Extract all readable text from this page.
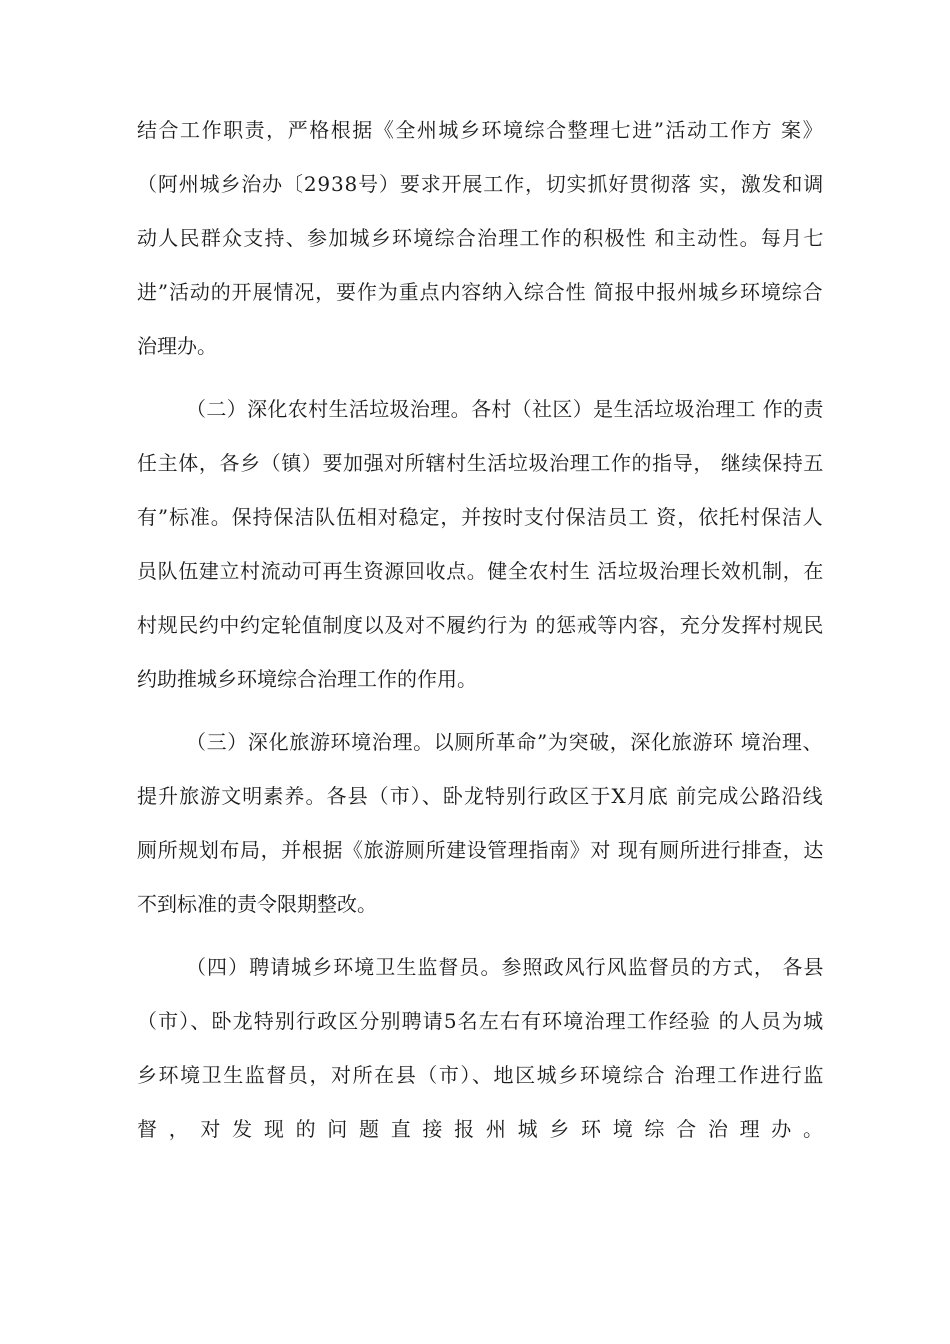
结合工作职责，严格根据《全州城乡环境综合整理七进”活动工作方 案》
（阿州城乡治办〔2938号）要求开展工作，切实抓好贯彻落 实，激发和调
动人民群众支持、参加城乡环境综合治理工作的积极性 和主动性。每月七
进”活动的开展情况，要作为重点内容纳入综合性 简报中报州城乡环境综合
治理办。
（二）深化农村生活垃圾治理。各村（社区）是生活垃圾治理工 作的责
任主体，各乡（镇）要加强对所辖村生活垃圾治理工作的指导， 继续保持五
有”标准。保持保洁队伍相对稳定，并按时支付保洁员工 资，依托村保洁人
员队伍建立村流动可再生资源回收点。健全农村生 活垃圾治理长效机制，在
村规民约中约定轮值制度以及对不履约行为 的惩戒等内容，充分发挥村规民
约助推城乡环境综合治理工作的作用。
（三）深化旅游环境治理。以厕所革命”为突破，深化旅游环 境治理、
提升旅游文明素养。各县（市）、卧龙特别行政区于X月底 前完成公路沿线
厕所规划布局，并根据《旅游厕所建设管理指南》对 现有厕所进行排查，达
不到标准的责令限期整改。
（四）聘请城乡环境卫生监督员。参照政风行风监督员的方式， 各县
（市）、卧龙特别行政区分别聘请5名左右有环境治理工作经验 的人员为城
乡环境卫生监督员，对所在县（市）、地区城乡环境综合 治理工作进行监
督，对发现的问题直接报州城乡环境综合治理办。
